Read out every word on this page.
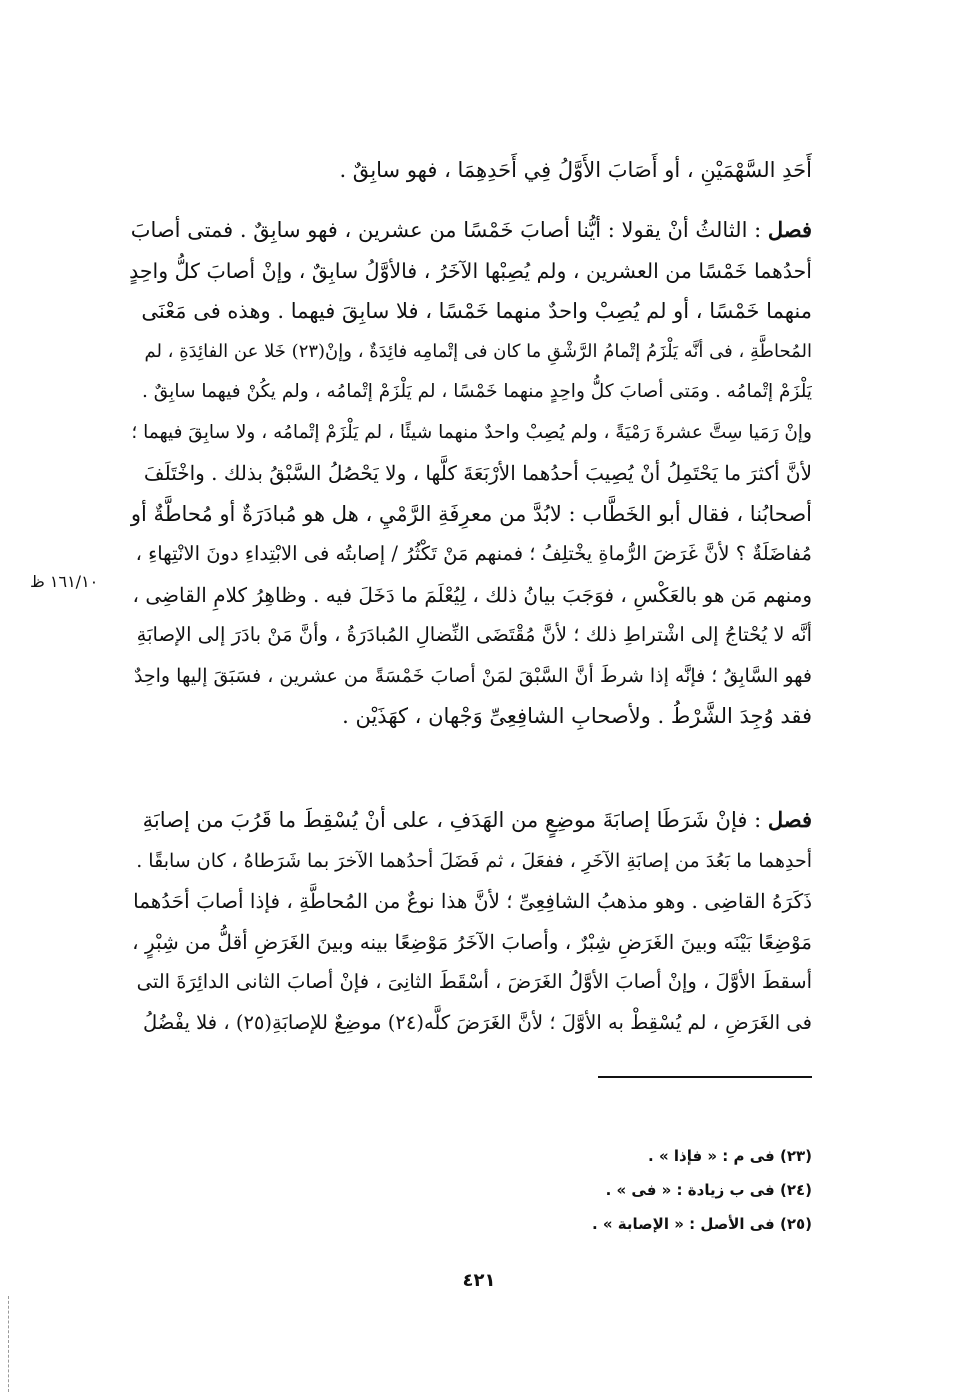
أَحَدِ السَّهْمَيْنِ ، أو أَصَابَ الأَوَّلُ فِي أَحَدِهِمَا ، فهو سابِقٌ .
فصل : الثالثُ أنْ يقولا : أيُّنا أصابَ خَمْسًا من عشرين ، فهو سابِقٌ . فمتى أصابَ
أحدُهما خَمْسًا من العشرين ، ولم يُصِبْها الآخَرُ ، فالأوَّلُ سابِقٌ ، وإنْ أصابَ كلُّ واحِدٍ
منهما خَمْسًا ، أو لم يُصِبْ واحدٌ منهما خَمْسًا ، فلا سابِقَ فيهما . وهذه فى مَعْنَى
المُحاطَّةِ ، فى أنَّه يَلْزَمُ إتْمامُ الرَّشْقِ ما كان فى إتْمامِه فائِدَةٌ ، وإنْ(٢٣) خَلا عن الفائِدَةِ ، لم
يَلْزَمْ إتْمامُه . ومَتى أصابَ كلُّ واحِدٍ منهما خَمْسًا ، لم يَلْزَمْ إتْمامُه ، ولم يكُنْ فيهما سابِقٌ .
وإنْ رَمَيا سِتَّ عشرةَ رَمْيَةً ، ولم يُصِبْ واحدٌ منهما شيئًا ، لم يَلْزَمْ إتْمامُه ، ولا سابِقَ فيهما ؛
لأنَّ أكثرَ ما يَحْتَمِلُ أنْ يُصِيبَ أحدُهما الأرْبَعَةَ كلَّها ، ولا يَحْصُلُ السَّبْقُ بذلك . واخْتَلَفَ
أصحابُنا ، فقال أبو الخَطَّاب : لابُدَّ من معرِفَةِ الرَّمْيِ ، هل هو مُبادَرَةٌ أو مُحاطَّةٌ أو
مُفاضَلَةٌ ؟ لأنَّ غَرَضَ الرُّماةِ يخْتلِفُ ؛ فمنهم مَنْ تَكْثُرُ / إصابتُه فى الابْتِداءِ دونَ الانْتِهاءِ ،
ومنهم مَن هو بالعَكْسِ ، فوَجَبَ بيانُ ذلك ، لِيُعْلَمَ ما دَخَلَ فيه . وظاهِرُ كلامِ القاضِى ،
أنَّه لا يُحْتاجُ إلى اشْتراطِ ذلك ؛ لأنَّ مُقْتَضَى النِّضالِ المُبادَرَةُ ، وأنَّ مَنْ بادَرَ إلى الإصابَةِ
فهو السَّابِقُ ؛ فإنَّه إذا شرطَ أنَّ السَّبْقَ لمَنْ أصابَ خَمْسَةً من عشرين ، فسَبَقَ إليها واحِدٌ
فقد وُجِدَ الشَّرْطُ . ولأصحابِ الشافِعِىِّ وَجْهان ، كهَذَيْن .
١٦١/١٠ ظ
فصل : فإنْ شَرَطَا إصابَةَ موضِعٍ من الهَدَفِ ، على أنْ يُسْقِطَ ما قَرُبَ من إصابَةِ
أحدِهما ما بَعُدَ من إصابَةِ الآخَرِ ، ففعَلَ ، ثم فَضَلَ أحدُهما الآخرَ بما شَرَطاهُ ، كان سابقًا .
ذَكَرَهُ القاضِى . وهو مذهبُ الشافِعِىِّ ؛ لأنَّ هذا نوعٌ من المُحاطَّةِ ، فإذا أصابَ أحَدُهما
مَوْضِعًا بَيْنَه وبينَ الغَرَضِ شِبْرٌ ، وأصابَ الآخَرُ مَوْضِعًا بينه وبينَ الغَرَضِ أقلُّ من شِبْرٍ ،
أسقطَ الأوَّلَ ، وإنْ أصابَ الأوَّلُ الغَرَضَ ، أسْقَطَ الثانِىَ ، فإنْ أصابَ الثانى الدائِرَةَ التى
فى الغَرَضِ ، لم يُسْقِطْ به الأوَّلَ ؛ لأنَّ الغَرَضَ كلَّه(٢٤) موضِعٌ للإصابَةِ(٢٥) ، فلا يفْضُلُ
(٢٣) فى م : « فإذا » .
(٢٤) فى ب زيادة : « فى » .
(٢٥) فى الأصل : « الإصابة » .
٤٢١
